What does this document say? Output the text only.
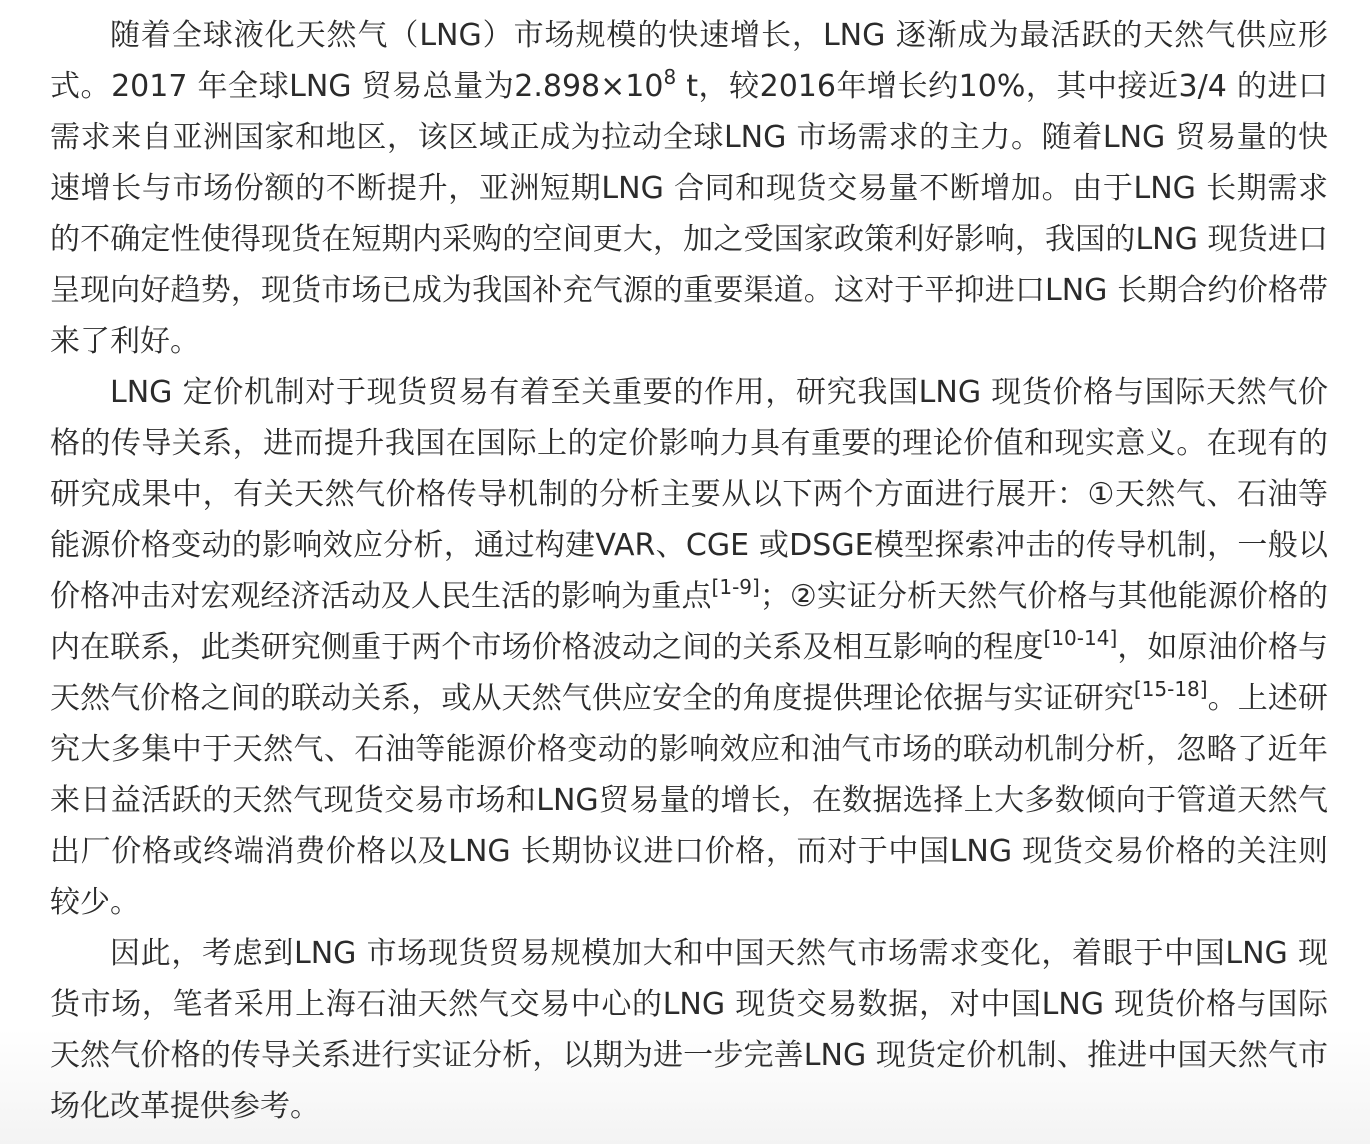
随着全球液化天然气（LNG）市场规模的快速增长，LNG 逐渐成为最活跃的天然气供应形式。2017 年全球LNG 贸易总量为$2.898\times 10^8$ t，较2016年增长约10%，其中接近3/4 的进口需求来自亚洲国家和地区，该区域正成为拉动全球LNG 市场需求的主力。随着LNG 贸易量的快速增长与市场份额的不断提升，亚洲短期LNG 合同和现货交易量不断增加。由于LNG 长期需求的不确定性使得现货在短期内采购的空间更大，加之受国家政策利好影响，我国的LNG 现货进口呈现向好趋势，现货市场已成为我国补充气源的重要渠道。这对于平抑进口LNG 长期合约价格带来了利好。

LNG 定价机制对于现货贸易有着至关重要的作用，研究我国LNG 现货价格与国际天然气价格的传导关系，进而提升我国在国际上的定价影响力具有重要的理论价值和现实意义。在现有的研究成果中，有关天然气价格传导机制的分析主要从以下两个方面进行展开：①天然气、石油等能源价格变动的影响效应分析，通过构建VAR、CGE 或DSGE模型探索冲击的传导机制，一般以价格冲击对宏观经济活动及人民生活的影响为重点[1-9]；②实证分析天然气价格与其他能源价格的内在联系，此类研究侧重于两个市场价格波动之间的关系及相互影响的程度[10-14]，如原油价格与天然气价格之间的联动关系，或从天然气供应安全的角度提供理论依据与实证研究[15-18]。上述研究大多集中于天然气、石油等能源价格变动的影响效应和油气市场的联动机制分析，忽略了近年来日益活跃的天然气现货交易市场和LNG贸易量的增长，在数据选择上大多数倾向于管道天然气出厂价格或终端消费价格以及LNG 长期协议进口价格，而对于中国LNG 现货交易价格的关注则较少。

因此，考虑到LNG 市场现货贸易规模加大和中国天然气市场需求变化，着眼于中国LNG 现货市场，笔者采用上海石油天然气交易中心的LNG 现货交易数据，对中国LNG 现货价格与国际天然气价格的传导关系进行实证分析，以期为进一步完善LNG 现货定价机制、推进中国天然气市场化改革提供参考。
